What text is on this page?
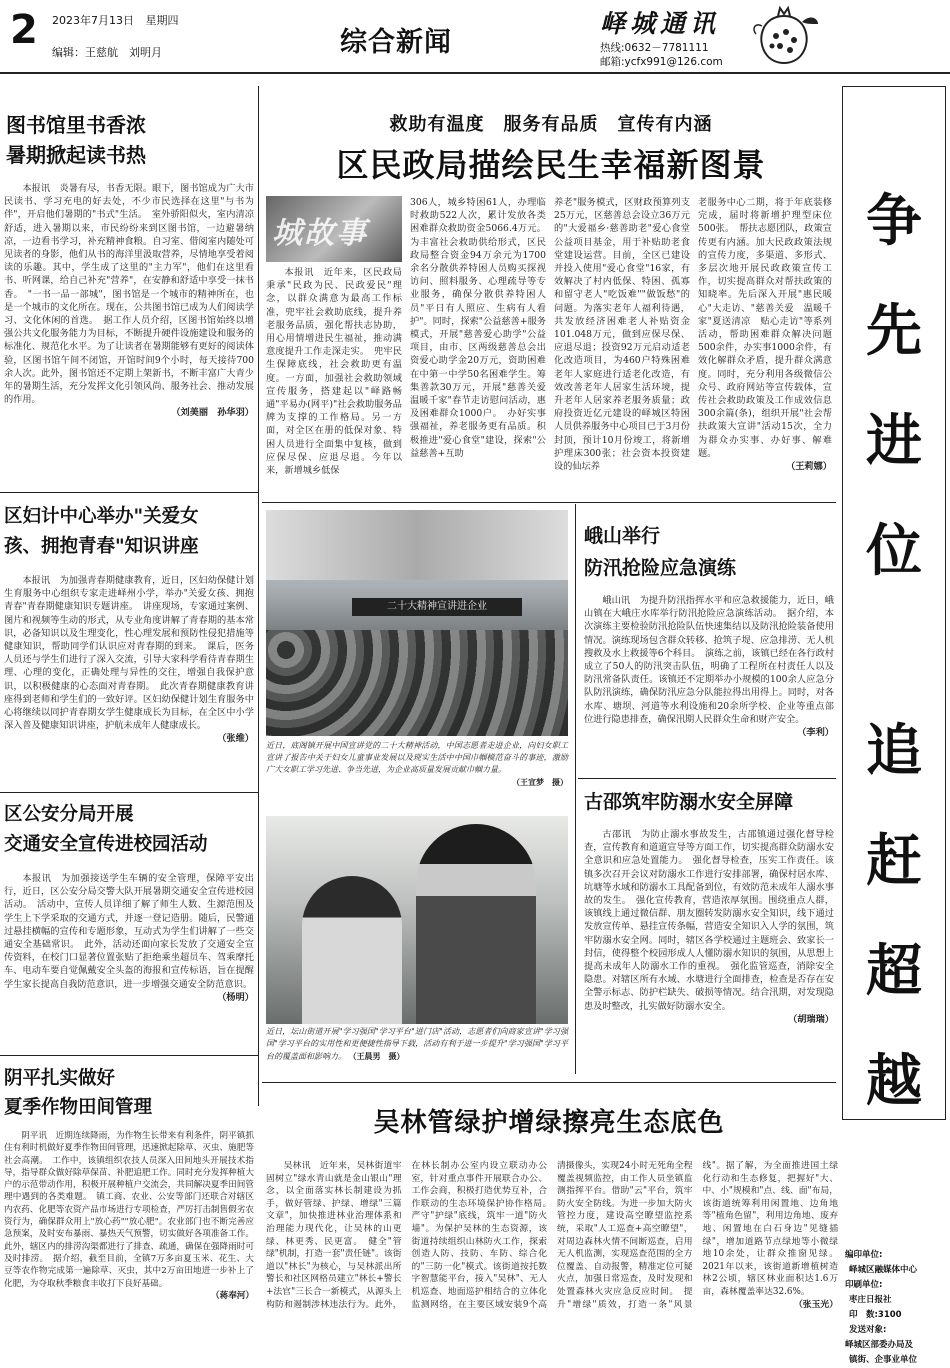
2 2023年7月13日 星期四
编辑：王慈航　刘明月	综合新闻
峄城通讯
热线:0632－7781111
邮箱:ycfx991@126.com
争
先
进
位
追
赶
超
越
编印单位:
峄城区融媒体中心
印刷单位:
枣庄日报社
印　数:3100
发送对象:
峄城区部委办局及
镇街、企事业单位
图书馆里书香浓
暑期掀起读书热

本报讯　炎暑有尽，书香无限。眼下，图书馆成为广大市民读书、学习充电的好去处，不少市民选择在这里"与书为伴"，开启他们暑期的"书式"生活。　室外骄阳似火，室内清凉舒适，进入暑期以来，市民纷纷来到区图书馆，一边避暑纳凉，一边看书学习，补充精神食粮。自习室、借阅室内随处可见读者的身影，他们从书的海洋里汲取营养，尽情地享受着阅读的乐趣。其中，学生成了这里的"主力军"，他们在这里看书、听网课，给自己补充"营养"，在安静和舒适中享受一抹书香。　"一书一品一部城"，图书馆是一个城市的精神所在，也是一个城市的文化所在。现在，公共图书馆已成为人们阅读学习、文化休闲的首选。　据工作人员介绍，区图书馆始终以增强公共文化服务能力为目标，不断提升硬件设施建设和服务的标准化、规范化水平。为了让读者在暑期能够有更好的阅读体验，区图书馆午间不闭馆，开馆时间9个小时，每天接待700余人次。此外，图书馆还不定期上架新书，不断丰富广大青少年的暑期生活，充分发挥文化引领风尚、服务社会、推动发展的作用。

（刘美丽　孙华羽）
区妇计中心举办"关爱女
孩、拥抱青春"知识讲座

本报讯　为加强青春期健康教育，近日，区妇幼保健计划生育服务中心组织专家走进峄州小学，举办"关爱女孩、拥抱青春"青春期健康知识专题讲座。　讲座现场，专家通过案例、图片和视频等生动的形式，从专业角度讲解了青春期的基本常识，必备知识以及生理变化，性心理发展和预防性侵犯措施等健康知识，帮助同学们认识应对青春期的到来。　课后，医务人员还与学生们进行了深入交流，引导大家科学看待青春期生理、心理的变化，正确处理与异性的交往，增强自我保护意识，以积极健康的心态面对青春期。　此次青春期健康教育讲座得到老师和学生们的一致好评。区妇幼保健计划生育服务中心将继续以同护青春期女学生健康成长为目标，在全区中小学深入普及健康知识讲座，护航未成年人健康成长。

（张维）
区公安分局开展
交通安全宣传进校园活动

本报讯　为加强接送学生车辆的安全管理，保障平安出行，近日，区公安分局交警大队开展暑期交通安全宣传进校园活动。　活动中，宣传人员详细了解了师生人数、生源范围及学生上下学采取的交通方式，并逐一登记造册。随后，民警通过悬挂横幅的宣传和专题形象，互动式为学生们讲解了一些交通安全基础常识。　此外，活动还面向家长发放了交通安全宣传资料，在校门口显著位置张贴了拒绝乘坐超员车、驾乘摩托车、电动车要自觉佩戴安全头盔的海报和宣传标语，旨在提醒学生家长提高自我防范意识，进一步增强交通安全防范意识。

（杨明）
阴平扎实做好
夏季作物田间管理

阴平讯　近期连续降雨，为作物生长带来有利条件，阴平镇抓住有利时机做好夏季作物田间管理，迅速掀起除草、灭虫、施肥等社会高潮。　工作中，该镇组织农技人员深入田间地头开展技术指导，指导群众做好除草保苗、补肥追肥工作。同时充分发挥种植大户的示范带动作用，积极开展种植户交流会，共同解决夏季田间管理中遇到的各类难题。　镇工商、农业、公安等部门还联合对辖区内农药、化肥等农资产品市场进行专项检查，严厉打击制售假劣农资行为，确保群众用上"放心药""放心肥"。农业部门也不断完善应急预案，及时安布暴雨、暴热天气预警，切实做好各项准备工作。此外，辖区内的排涝沟渠都进行了排查、疏通，确保在强降雨时可及时排涝。　据介绍，截至目前，全镇7万多亩夏玉米、花生、大豆等农作物完成第一遍除草、灭虫，其中2万亩田地进一步补上了化肥，为夺取秋季粮食丰收打下良好基础。

（蒋奉河）
救助有温度　服务有品质　宣传有内涵
区民政局描绘民生幸福新图景
城故事

本报讯　近年来，区民政局秉承"民政为民、民政爱民"理念，以群众满意为最高工作标准，兜牢社会救助底线，提升养老服务品质，强化帮扶志协助，用心用情增进民生福祉，推动满意度提升工作走深走实。　兜牢民生保障底线，社会救助更有温度。一方面，加强社会救助领域宣传服务，搭建起以"峄路畅通"平易办(网平)"社会救助服务品牌为支撑的工作格局。另一方面，对全区在册的低保对象、特困人员进行全面集中复核，做到应保尽保、应退尽退。今年以来，新增城乡低保

306人，城乡特困61人，办理临时救助522人次，累计发放各类困难群众救助资金5066.4万元。为丰富社会救助供给形式，区民政局整合资金94万余元为1700余名分散供养特困人员购买探视访问、照料服务、心理疏导等专业服务，确保分散供养特困人员"平日有人照应、生病有人看护"。同时，探索"公益慈善+服务模式，开展"慈善爱心助学"公益项目，由市、区两级慈善总会出资爱心助学金20万元，资助困难在中第一中学50名困难学生。筹集善款30万元，开展"慈善关爱　温暖千家"春节走访慰问活动，惠及困难群众1000户。　办好实事强福祉，养老服务更有品质。积极推进"爱心食堂"建设，探索"公益慈善+互助

养老"服务模式，区财政预算列支25万元，区慈善总会设立36万元的"大爱福乡·慈善助老"爱心食堂公益项目基金，用于补贴助老食堂建设运营。目前，全区已建设并投入使用"爱心食堂"16家，有效解决了村内低保、特困、孤寡和留守老人"吃饭难""做饭愁"的问题。为落实老年人福利待遇，共发放经济困难老人补贴资金101.048万元，做到应保尽保、应退尽退；投资92万元启动适老化改造项目，为460户特殊困难老年人家庭进行适老化改造，有效改善老年人居家生活环境，提升老年人居家养老服务质量；政府投资近亿元建设的峄城区特困人员供养服务中心项目已于3月份封顶，预计10月份竣工，将新增护理床300张；社会资本投资建设的仙坛养

老服务中心二期，将于年底装修完成，届时将新增护理型床位500张。　帮扶志愿团队，政策宣传更有内涵。加大民政政策法规的宣传力度，多渠道、多形式、多层次地开展民政政策宣传工作，切实提高群众对帮扶政策的知晓率。先后深入开展"惠民暖心"大走访、"慈善关爱　温暖千家"夏送清凉　贴心走访"等系列活动，帮助困难群众解决问题500余件，办实事1000余件，有效化解群众矛盾，提升群众满意度。同时，充分利用各级微信公众号、政府网站等宣传载体，宣传社会救助政策及工作成效信息300余篇(条)，组织开展"社会帮扶政策大宣讲"活动15次，全力为群众办实事、办好事、解难题。

（王莉娜）
二十大精神宣讲进企业
近日，底阁镇开展中国宣讲党的二十大精神活动，中国志愿者走进企业，向妇女职工宣讲了报告中关于妇女儿童事业发展以及现实生活中中国巾帼模范奋斗的事迹，激励广大女职工学习先进、争当先进，为企业高质量发展贡献巾帼力量。
（王宣梦　摄）
近日，坛山街道开展"学习强国"学习平台"进门店"活动，志愿者们向商家宣讲"学习强国"学习平台的实用性和更便捷性指导下载，活动有利于进一步提升"学习强国"学习平台的覆盖面和影响力。 （王晨男　摄）
峨山举行
防汛抢险应急演练

峨山讯　为提升防汛指挥水平和应急救援能力，近日，峨山镇在大峨庄水库举行防汛抢险应急演练活动。　据介绍，本次演练主要检验防汛抢险队伍快速集结以及防汛抢险装备使用情况。演练现场包含群众转移、抢筑子堤、应急排涝、无人机搜救及水上救援等6个科目。　演练之前，该镇已经在各行政村成立了50人的防汛突击队伍，明确了工程所在村责任人以及防汛常备队责任。该镇还不定期举办小规模的100余人应急分队防汛演练，确保防汛应急分队能拉得出用得上。同时，对各水库、塘坝、河道等水利设施和20余所学校、企业等重点部位进行隐患排查，确保汛期人民群众生命和财产安全。

（李利）
古邵筑牢防溺水安全屏障

古邵讯　为防止溺水事故发生，古邵镇通过强化督导检查，宣传教育和道道宣导等方面工作，切实提高群众防溺水安全意识和应急处置能力。　强化督导检查，压实工作责任。该镇多次召开会议对防溺水工作进行安排部署，确保村居水库、坑塘等水域和防溺水工具配备到位，有效防范未成年人溺水事故的发生。　强化宣传教育，营造浓厚氛围。围绕重点人群，该镇线上通过微信群、朋友圈转发防溺水安全知识，线下通过发放宣传单、悬挂宣传条幅，营造安全知识入人学的氛围，筑牢防溺水安全网。同时，辖区各学校通过主题班会、致家长一封信，使得整个校园形成人人懂防溺水知识的氛围，从思想上提高未成年人防溺水工作的重视。　强化监管巡查，消除安全隐患。对辖区所有水域、水塘进行全面排查，检查是否存在安全警示标志、防护栏缺失、破损等情况。结合汛期，对发现隐患及时整改，扎实做好防溺水安全。

（胡瑞瑞）
吴林管绿护增绿擦亮生态底色

吴林讯　近年来，吴林街道牢固树立"绿水青山就是金山银山"理念，以全面落实林长制建设为抓手，做好管绿、护绿、增绿"三篇文章"，加快推进林业治理体系和治理能力现代化，让吴林的山更绿、林更秀、民更富。　健全"管绿"机制，打造一套"责任链"。该街道以"林长"为核心，与吴林派出所警长和社区网格员建立"林长+警长+法官"三长合一新模式，从源头上构防和遏制涉林违法行为。此外，在林长制办公室内设立联动办公室，针对重点事件开展联合办公、工作会商，积极打造优势互补，合作联动的生态环境保护协作格局。　严守"护绿"底线，筑牢一道"防火墙"。为保护吴林的生态资源，该街道持续组织山林防火工作，探索创造人防、技防、车防、综合化的"三防一化"模式。该街道按托数字智慧能平台，接入"吴林"、无人机巡查、地面巡护相结合的立体化监测网络，在主要区域安装9个高清摄像头，实现24小时无死角全程覆盖视频监控，由工作人员坐镇监测指挥平台。借助"云"平台，筑牢防火安全防线。为进一步加大防火管控力度，建设高空瞭望监控系统，采取"人工巡查+高空瞭望"，对周边森林火情不间断巡查，启用无人机监测，实现巡查范围的全方位覆盖、自动报警，精准定位可疑火点，加强日常巡查，及时发现和处置森林火灾应急反应时间。　提升"增绿"质效，打造一条"风景线"。据了解，为全面推进国土绿化行动和生态修复，把握好"大、中、小"规模和"点、线、面"布局，该街道统筹利用闲置地、边角地等"植角色留"，利用边角地、废弃地、闲置地在白石身边"见缝插绿"，增加道路节点绿地等小微绿地10余处，让群众推窗见绿。2021年以来，该街道新增植树造林2公顷，辖区林业面积达1.6万亩，森林覆盖率达32.6%。

（张玉光）
